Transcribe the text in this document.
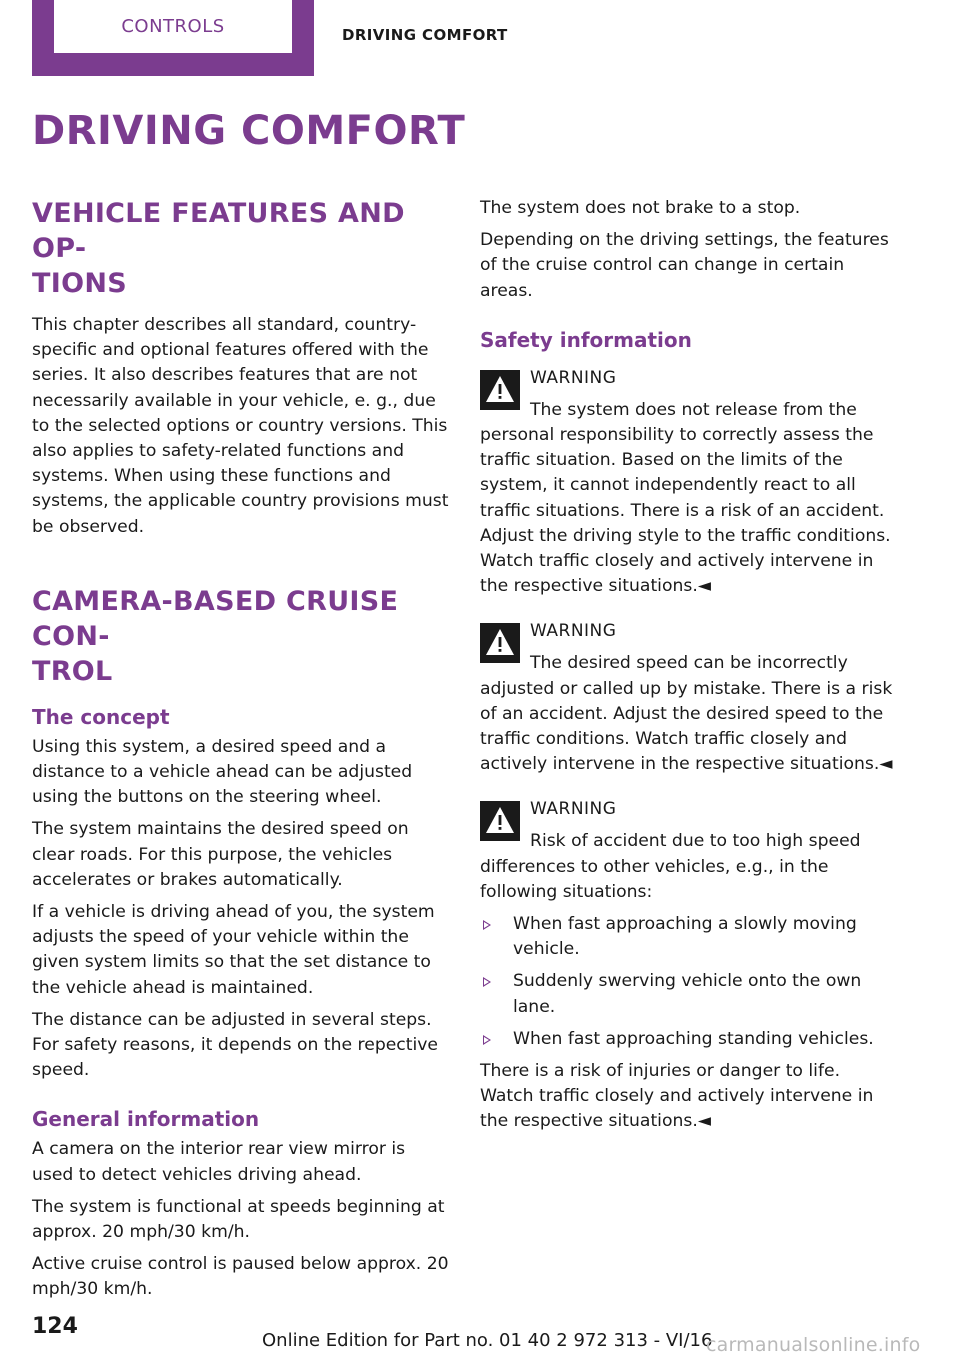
CONTROLS	DRIVING COMFORT
DRIVING COMFORT
VEHICLE FEATURES AND OP-
TIONS

This chapter describes all standard, country-specific and optional features offered with the series. It also describes features that are not necessarily available in your vehicle, e. g., due to the selected options or country versions. This also applies to safety-related functions and systems. When using these functions and systems, the applicable country provisions must be observed.

CAMERA-BASED CRUISE CON-
TROL
The concept

Using this system, a desired speed and a distance to a vehicle ahead can be adjusted using the buttons on the steering wheel.

The system maintains the desired speed on clear roads. For this purpose, the vehicles accelerates or brakes automatically.

If a vehicle is driving ahead of you, the system adjusts the speed of your vehicle within the given system limits so that the set distance to the vehicle ahead is maintained.

The distance can be adjusted in several steps. For safety reasons, it depends on the repective speed.

General information

A camera on the interior rear view mirror is used to detect vehicles driving ahead.

The system is functional at speeds beginning at approx. 20 mph/30 km/h.

Active cruise control is paused below approx. 20 mph/30 km/h.

The system does not brake to a stop.

Depending on the driving settings, the features of the cruise control can change in certain areas.

Safety information
WARNING

The system does not release from the personal responsibility to correctly assess the traffic situation. Based on the limits of the system, it cannot independently react to all traffic situations. There is a risk of an accident. Adjust the driving style to the traffic conditions. Watch traffic closely and actively intervene in the respective situations.◄

WARNING

The desired speed can be incorrectly adjusted or called up by mistake. There is a risk of an accident. Adjust the desired speed to the traffic conditions. Watch traffic closely and actively intervene in the respective situations.◄

WARNING

Risk of accident due to too high speed differences to other vehicles, e.g., in the following situations:

When fast approaching a slowly moving vehicle.
Suddenly swerving vehicle onto the own lane.
When fast approaching standing vehicles.

There is a risk of injuries or danger to life. Watch traffic closely and actively intervene in the respective situations.◄

124
Online Edition for Part no. 01 40 2 972 313 - VI/16
carmanualsonline.info
